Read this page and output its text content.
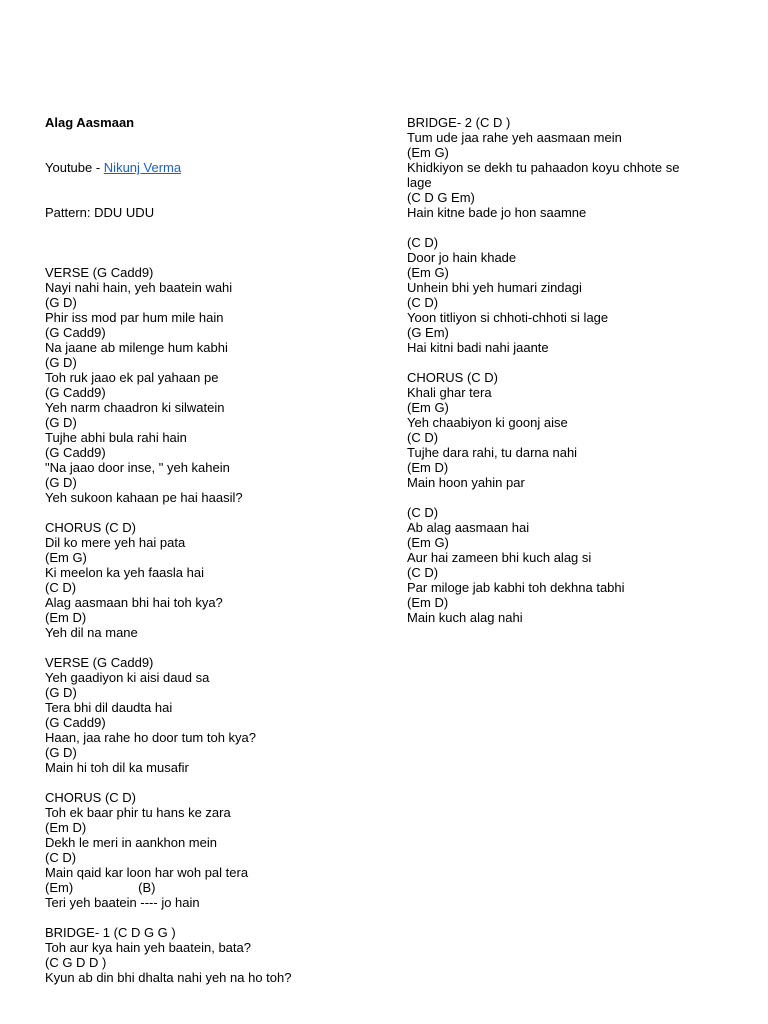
Alag Aasmaan

Youtube - Nikunj Verma

Pattern: DDU UDU

VERSE (G Cadd9)
Nayi nahi hain, yeh baatein wahi
(G D)
Phir iss mod par hum mile hain
(G Cadd9)
Na jaane ab milenge hum kabhi
(G D)
Toh ruk jaao ek pal yahaan pe
(G Cadd9)
Yeh narm chaadron ki silwatein
(G D)
Tujhe abhi bula rahi hain
(G Cadd9)
"Na jaao door inse, " yeh kahein
(G D)
Yeh sukoon kahaan pe hai haasil?
CHORUS (C D)
Dil ko mere yeh hai pata
(Em G)
Ki meelon ka yeh faasla hai
(C D)
Alag aasmaan bhi hai toh kya?
(Em D)
Yeh dil na mane
VERSE (G Cadd9)
Yeh gaadiyon ki aisi daud sa
(G D)
Tera bhi dil daudta hai
(G Cadd9)
Haan, jaa rahe ho door tum toh kya?
(G D)
Main hi toh dil ka musafir
CHORUS (C D)
Toh ek baar phir tu hans ke zara
(Em D)
Dekh le meri in aankhon mein
(C D)
Main qaid kar loon har woh pal tera
(Em)                  (B)
Teri yeh baatein ---- jo hain
BRIDGE- 1 (C D G G )
Toh aur kya hain yeh baatein, bata?
(C G D D )
Kyun ab din bhi dhalta nahi yeh na ho toh?

BRIDGE- 2 (C D )
Tum ude jaa rahe yeh aasmaan mein
(Em G)
Khidkiyon se dekh tu pahaadon koyu chhote se
lage
(C D G Em)
Hain kitne bade jo hon saamne
(C D)
Door jo hain khade
(Em G)
Unhein bhi yeh humari zindagi
(C D)
Yoon titliyon si chhoti-chhoti si lage
(G Em)
Hai kitni badi nahi jaante
CHORUS (C D)
Khali ghar tera
(Em G)
Yeh chaabiyon ki goonj aise
(C D)
Tujhe dara rahi, tu darna nahi
(Em D)
Main hoon yahin par
(C D)
Ab alag aasmaan hai
(Em G)
Aur hai zameen bhi kuch alag si
(C D)
Par miloge jab kabhi toh dekhna tabhi
(Em D)
Main kuch alag nahi
